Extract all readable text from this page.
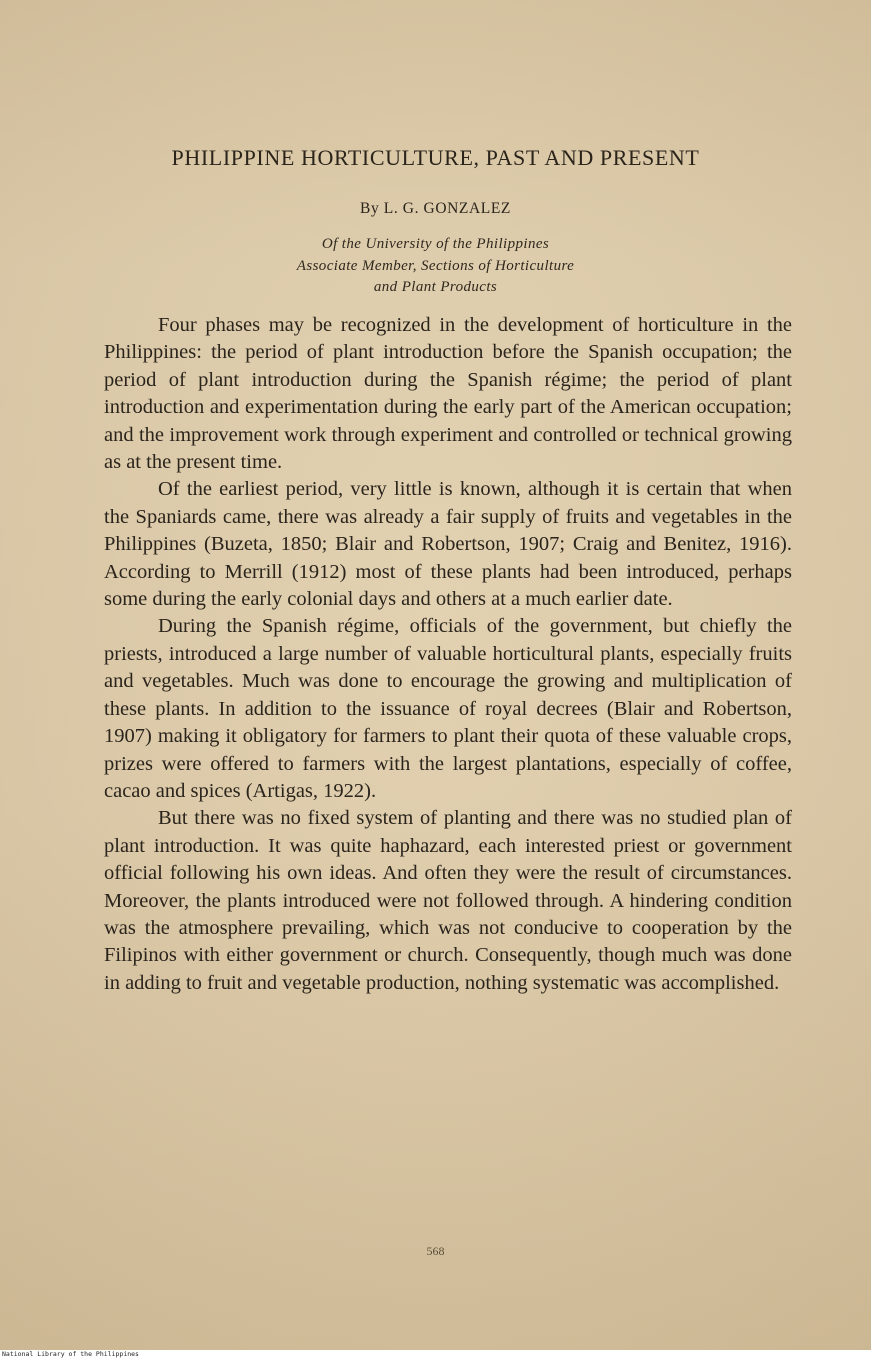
PHILIPPINE HORTICULTURE, PAST AND PRESENT
By L. G. GONZALEZ
Of the University of the Philippines
Associate Member, Sections of Horticulture
and Plant Products

Four phases may be recognized in the development of horticulture in the Philippines: the period of plant introduction before the Spanish occupation; the period of plant introduction during the Spanish régime; the period of plant introduction and experimentation during the early part of the American occupation; and the improvement work through experiment and controlled or technical growing as at the present time.

Of the earliest period, very little is known, although it is certain that when the Spaniards came, there was already a fair supply of fruits and vegetables in the Philippines (Buzeta, 1850; Blair and Robertson, 1907; Craig and Benitez, 1916). According to Merrill (1912) most of these plants had been introduced, perhaps some during the early colonial days and others at a much earlier date.

During the Spanish régime, officials of the government, but chiefly the priests, introduced a large number of valuable horticultural plants, especially fruits and vegetables. Much was done to encourage the growing and multiplication of these plants. In addition to the issuance of royal decrees (Blair and Robertson, 1907) making it obligatory for farmers to plant their quota of these valuable crops, prizes were offered to farmers with the largest plantations, especially of coffee, cacao and spices (Artigas, 1922).

But there was no fixed system of planting and there was no studied plan of plant introduction. It was quite haphazard, each interested priest or government official following his own ideas. And often they were the result of circumstances. Moreover, the plants introduced were not followed through. A hindering condition was the atmosphere prevailing, which was not conducive to cooperation by the Filipinos with either government or church. Consequently, though much was done in adding to fruit and vegetable production, nothing systematic was accomplished.

568
National Library of the Philippines
